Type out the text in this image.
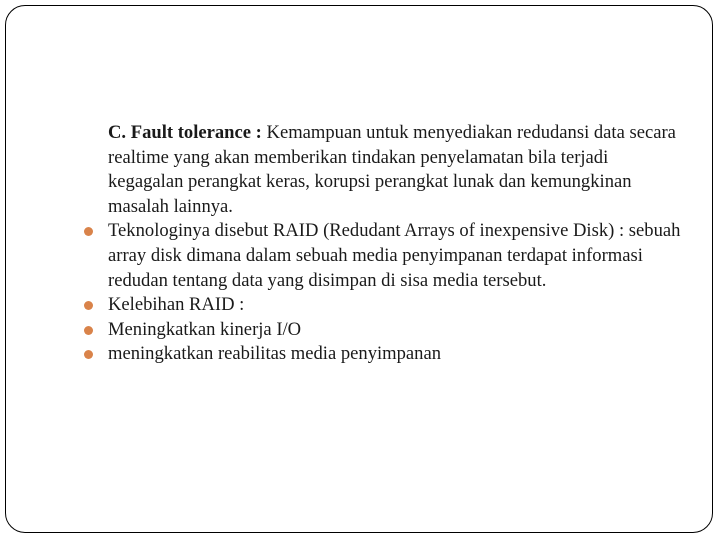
C. Fault tolerance : Kemampuan untuk menyediakan redudansi data secara realtime yang akan memberikan tindakan penyelamatan bila terjadi kegagalan perangkat keras, korupsi perangkat lunak dan kemungkinan masalah lainnya.

Teknologinya disebut RAID (Redudant Arrays of inexpensive Disk) : sebuah array disk dimana dalam sebuah media penyimpanan terdapat informasi redudan tentang data yang disimpan di sisa media tersebut.

Kelebihan RAID :

Meningkatkan kinerja I/O

meningkatkan reabilitas media penyimpanan
